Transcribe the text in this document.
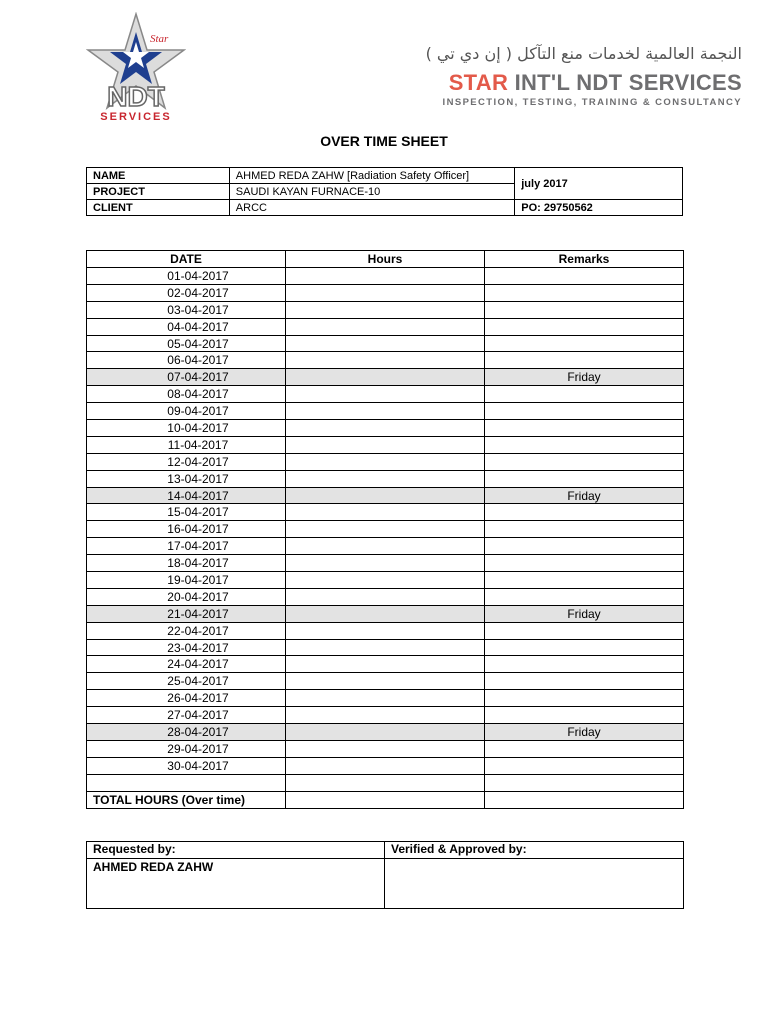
Star
NDT
SERVICES
النجمة العالمية لخدمات منع التآكل ( إن دي تي )
STAR INT'L NDT SERVICES
INSPECTION, TESTING, TRAINING & CONSULTANCY
OVER TIME SHEET
NAME	AHMED REDA ZAHW [Radiation Safety Officer]	july 2017
PROJECT	SAUDI KAYAN FURNACE-10	
CLIENT	ARCC	PO: 29750562
DATE	Hours	Remarks
01-04-2017		
02-04-2017		
03-04-2017		
04-04-2017		
05-04-2017		
06-04-2017		
07-04-2017		Friday
08-04-2017		
09-04-2017		
10-04-2017		
11-04-2017		
12-04-2017		
13-04-2017		
14-04-2017		Friday
15-04-2017		
16-04-2017		
17-04-2017		
18-04-2017		
19-04-2017		
20-04-2017		
21-04-2017		Friday
22-04-2017		
23-04-2017		
24-04-2017		
25-04-2017		
26-04-2017		
27-04-2017		
28-04-2017		Friday
29-04-2017		
30-04-2017		

TOTAL HOURS (Over time)		
Requested by:	Verified & Approved by:
AHMED REDA ZAHW	
